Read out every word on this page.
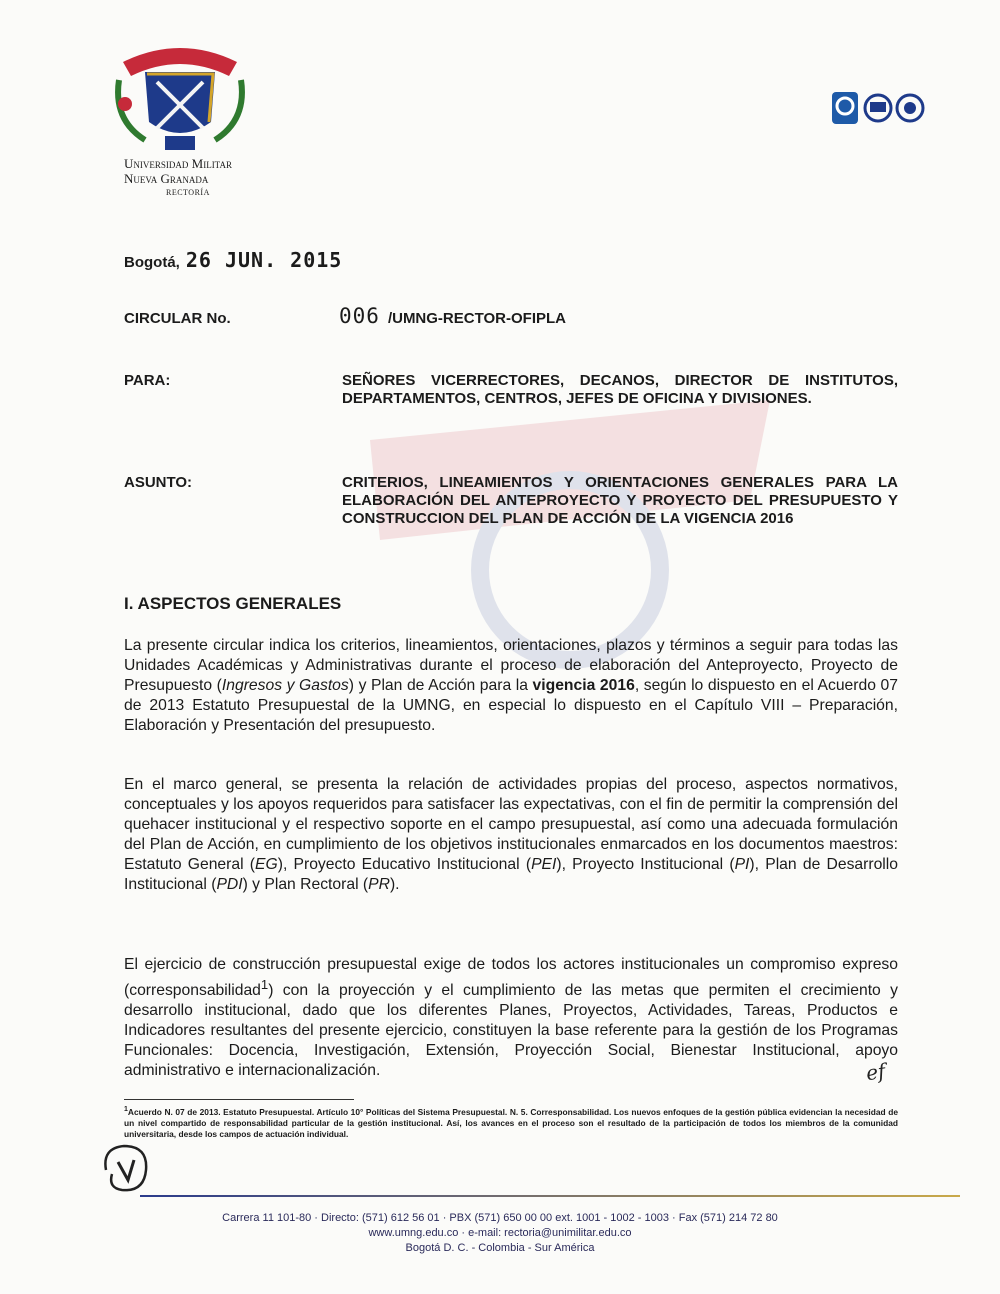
Universidad Militar
Nueva Granada
RECTORÍA
Bogotá, 26 JUN. 2015
CIRCULAR No.	006 /UMNG-RECTOR-OFIPLA
PARA:	SEÑORES VICERRECTORES, DECANOS, DIRECTOR DE INSTITUTOS, DEPARTAMENTOS, CENTROS, JEFES DE OFICINA Y DIVISIONES.
ASUNTO:	CRITERIOS, LINEAMIENTOS Y ORIENTACIONES GENERALES PARA LA ELABORACIÓN DEL ANTEPROYECTO Y PROYECTO DEL PRESUPUESTO Y CONSTRUCCION DEL PLAN DE ACCIÓN DE LA VIGENCIA 2016
I. ASPECTOS GENERALES
La presente circular indica los criterios, lineamientos, orientaciones, plazos y términos a seguir para todas las Unidades Académicas y Administrativas durante el proceso de elaboración del Anteproyecto, Proyecto de Presupuesto (Ingresos y Gastos) y Plan de Acción para la vigencia 2016, según lo dispuesto en el Acuerdo 07 de 2013 Estatuto Presupuestal de la UMNG, en especial lo dispuesto en el Capítulo VIII – Preparación, Elaboración y Presentación del presupuesto.
En el marco general, se presenta la relación de actividades propias del proceso, aspectos normativos, conceptuales y los apoyos requeridos para satisfacer las expectativas, con el fin de permitir la comprensión del quehacer institucional y el respectivo soporte en el campo presupuestal, así como una adecuada formulación del Plan de Acción, en cumplimiento de los objetivos institucionales enmarcados en los documentos maestros: Estatuto General (EG), Proyecto Educativo Institucional (PEI), Proyecto Institucional (PI), Plan de Desarrollo Institucional (PDI) y Plan Rectoral (PR).
El ejercicio de construcción presupuestal exige de todos los actores institucionales un compromiso expreso (corresponsabilidad$^1$) con la proyección y el cumplimiento de las metas que permiten el crecimiento y desarrollo institucional, dado que los diferentes Planes, Proyectos, Actividades, Tareas, Productos e Indicadores resultantes del presente ejercicio, constituyen la base referente para la gestión de los Programas Funcionales: Docencia, Investigación, Extensión, Proyección Social, Bienestar Institucional, apoyo administrativo e internacionalización.	ef
$^1$Acuerdo N. 07 de 2013. Estatuto Presupuestal. Artículo 10° Políticas del Sistema Presupuestal. N. 5. Corresponsabilidad. Los nuevos enfoques de la gestión pública evidencian la necesidad de un nivel compartido de responsabilidad particular de la gestión institucional. Así, los avances en el proceso son el resultado de la participación de todos los miembros de la comunidad universitaria, desde los campos de actuación individual.
Carrera 11 101-80 · Directo: (571) 612 56 01 · PBX (571) 650 00 00 ext. 1001 - 1002 - 1003 · Fax (571) 214 72 80
www.umng.edu.co · e-mail: rectoria@unimilitar.edu.co
Bogotá D. C. - Colombia - Sur América
